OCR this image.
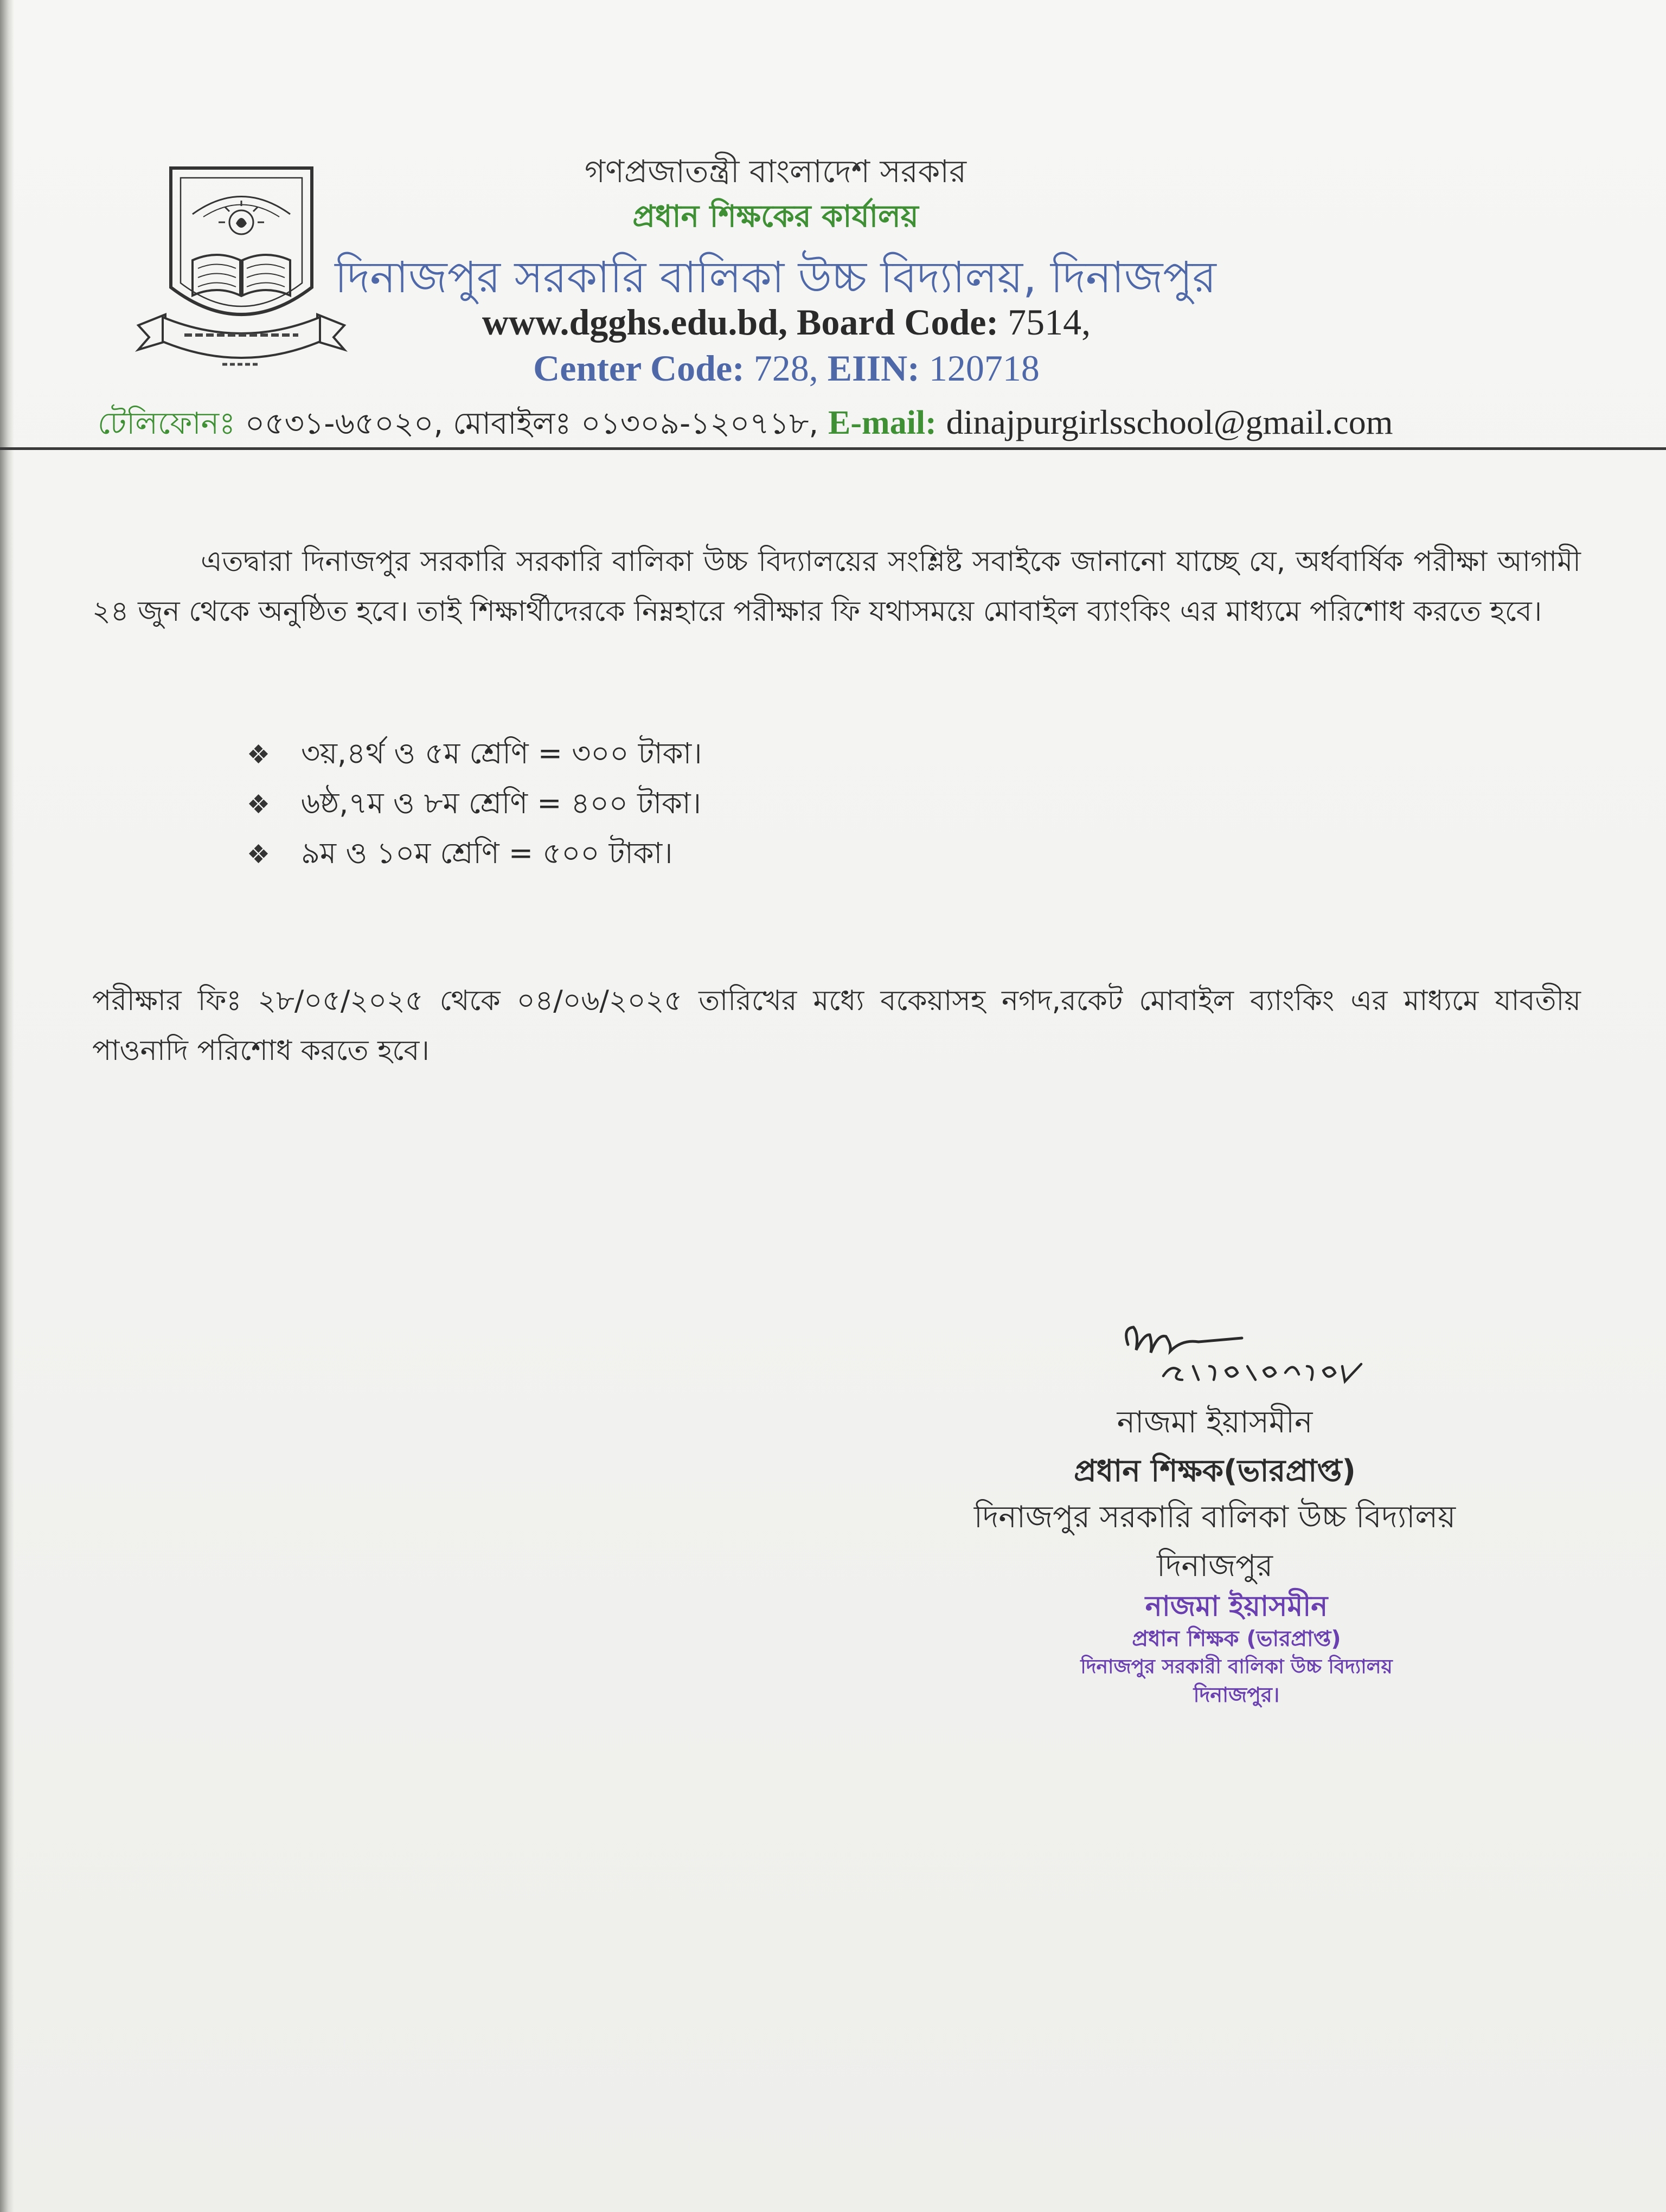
গণপ্রজাতন্ত্রী বাংলাদেশ সরকার
প্রধান শিক্ষকের কার্যালয়
দিনাজপুর সরকারি বালিকা উচ্চ বিদ্যালয়, দিনাজপুর
www.dgghs.edu.bd, Board Code: 7514,
Center Code: 728, EIIN: 120718
টেলিফোনঃ ০৫৩১-৬৫০২০, মোবাইলঃ ০১৩০৯-১২০৭১৮, E-mail: dinajpurgirlsschool@gmail.com
এতদ্বারা দিনাজপুর সরকারি সরকারি বালিকা উচ্চ বিদ্যালয়ের সংশ্লিষ্ট সবাইকে জানানো যাচ্ছে যে, অর্ধবার্ষিক পরীক্ষা আগামী ২৪ জুন থেকে অনুষ্ঠিত হবে। তাই শিক্ষার্থীদেরকে নিম্নহারে পরীক্ষার ফি যথাসময়ে মোবাইল ব্যাংকিং এর মাধ্যমে পরিশোধ করতে হবে।
❖ ৩য়,৪র্থ ও ৫ম শ্রেণি = ৩০০ টাকা।
❖ ৬ষ্ঠ,৭ম ও ৮ম শ্রেণি = ৪০০ টাকা।
❖ ৯ম ও ১০ম শ্রেণি = ৫০০ টাকা।
পরীক্ষার ফিঃ ২৮/০৫/২০২৫ থেকে ০৪/০৬/২০২৫ তারিখের মধ্যে বকেয়াসহ নগদ,রকেট মোবাইল ব্যাংকিং এর মাধ্যমে যাবতীয় পাওনাদি পরিশোধ করতে হবে।
নাজমা ইয়াসমীন
প্রধান শিক্ষক(ভারপ্রাপ্ত)
দিনাজপুর সরকারি বালিকা উচ্চ বিদ্যালয়
দিনাজপুর
নাজমা ইয়াসমীন
প্রধান শিক্ষক (ভারপ্রাপ্ত)
দিনাজপুর সরকারী বালিকা উচ্চ বিদ্যালয়
দিনাজপুর।
